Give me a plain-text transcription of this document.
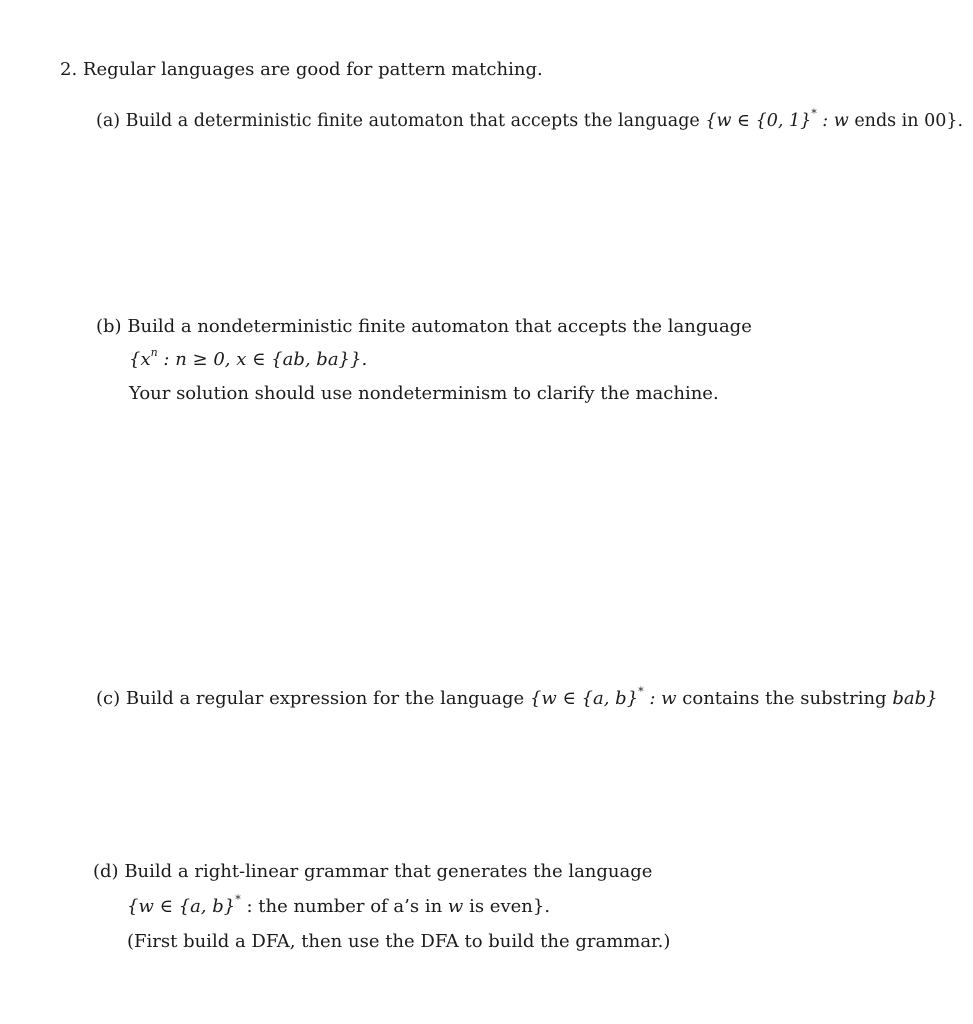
2. Regular languages are good for pattern matching.
(a) Build a deterministic finite automaton that accepts the language {w ∈ {0, 1}* : w ends in 00}.
(b) Build a nondeterministic finite automaton that accepts the language
{$x^n$ : n ≥ 0, x ∈ {ab, ba}}.
Your solution should use nondeterminism to clarify the machine.
(c) Build a regular expression for the language {w ∈ {a, b}* : w contains the substring bab}
(d) Build a right-linear grammar that generates the language
{w ∈ {a, b}* : the number of a’s in w is even}.
(First build a DFA, then use the DFA to build the grammar.)
